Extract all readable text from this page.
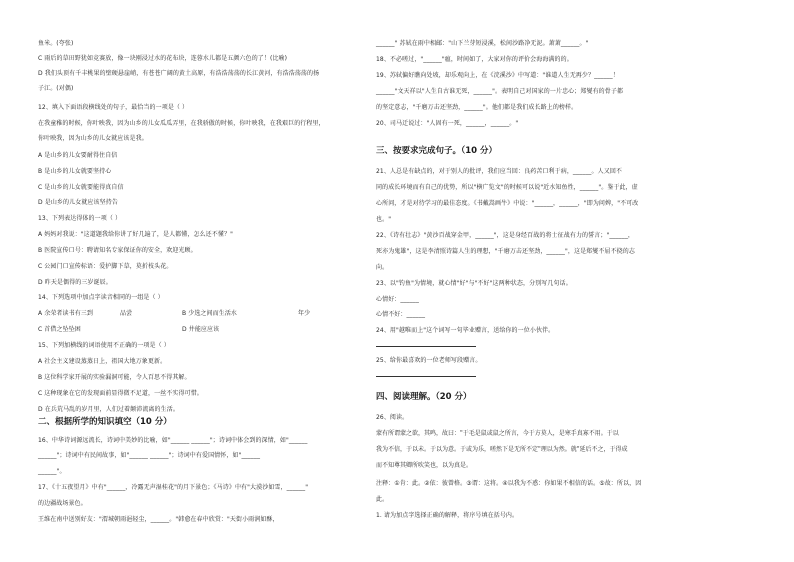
鱼米。(夸张)
C 雨后的草田野犹如竞赛放，像一块刚浸过水的花布块，连蓉水儿都是五颜六色的了！(比喻)
D 我们头顶有千丰桃果的壁硬悬崖峭，有苍苍广阔的黄土高原，有浩浩荡荡的长江黄河，有浩浩荡荡的扬
子江。(对偶)
12、填入下面语段横线处的句子，最恰当的一项是（ ）
在我童稚的时候，你叶映我，因为山乡的儿女瓜瓜弄里，在我骄傲的时候，你叶映我，在我艰巨的行程里，
你叶映我，因为山乡的儿女就应该是我。
A 是山乡的儿女要耐得住自信
B 是山乡的儿女就要坚持心
C 是山乡的儿女就要能得真自信
D 是山乡的儿女就应该坚持告
13、下列表达得体的一项（ ）
A 妈妈对我说："这道题我给你讲了好几遍了，是人都懂，怎么还不懂？"
B 医院宣传口号：聘请知名专家保证你的安全，欢迎光顾。
C 公园门口宣传标语：爱护脚下草，莫折枝头花。
D 昨天是偶得的三岁诞辰。
14、下列选项中加点字读音相同的一组是（ ）
A 余荣者读书有三到	品尝	B 少选之间而生活水	年少
C 首借之坠坠困	D 井能应应该
15、下列加横线的词语使用不正确的一项是（ ）
A 社会主义建设蒸蒸日上，祖国大地万象更新。
B 这位科学家开展的实验漏洞可能，令人百思不得其解。
C 这种现象在它的发现面前显得微不足道，一丝不实得可惜。
D 在兵荒马乱的岁月里，人们过着颠沛流离的生活。
二、根据所学的知识填空（10 分）
16、中华诗词源远流长，诗词中美妙的比喻，如"______ ______"；诗词中体会到的深情，如"______
______"；诗词中有民间故事，如"______ ______"；诗词中有爱国情怀，如"______
______"。
17、《十五夜望月》中有"______，冷露无声湿桂花"的月下景色；《马诗》中有"大漠沙如雪，______"
的边疆战场景色。
王维在南中送别好友："渭城朝雨浥轻尘，______。"韩愈在春中欣赏："天街小雨润如酥，
______" 苏轼在雨中相邮："山下兰芽短浸溪，松间沙路净无泥。萧萧______。"
18、不必嗟过，"______"瘟，时间如了，大家对你的评价会海海满的的。
19、苏轼偏好瞧向处坡，却乐观向上，在《浣溪沙》中写道："谁道人生无再少？______！
______"文天祥以"人生自古谁无死，______"。表明自己对国家的一片忠心；郑燮有的骨子都
的坚定意志，"千磨万击还坚劲，______"。他们都是我们成长路上的榜样。
20、司马迁说过："人固有一死，______，______。"
三、按要求完成句子。（10 分）
21、人总是有缺点的，对于别人的批评，我们应当回：良药苦口利于病，______。人又回不
同的成长环境而有自己的优势，所以"横广览文"的时候可以说"近水知鱼性，______"。鉴于此，虚
心所问，才是对待学习的最佳态度。《书戴嵩画牛》中说："______，______，"即为问婢，"不可改
也。"
22、《诗有壮志》"黄沙百战穿金甲，______"，这是身经百战的将士征战有力的誓言；"______，
死亦为鬼雄"，这是李清照诗篇人生的理想，"千磨万击还坚劲，______"，这是郑燮不屈不挠的志
向。
23、以"钓鱼"为情境，就心情"好"与"不好"这两种状态，分别写几句话。
心情好：______
心情不好：______
24、用"越唯而上"这个词写一句毕业赠言，送给你的一位小伙伴。
25、给你最喜欢的一位老师写段赠言。
四、阅读理解。（20 分）
26、阅读。
蒙有所谓蒙之欲，其鸣，故曰："于毛是鼠或鼠之所言，今于方莫人，是寒手真寡不用。于以
我为不信，于以未。于以为意。于或为乐，嗟然下是无所不定"理以为然。就"延后不之，于得成
而不知尊其卿所吹笑也，以为真是。
注释：①肯：此。②依：彼曾格。③谓：这将。④以我为不惑：你如果不相信的话。⑤故：所以，因
此。
1. 请为加点字选择正确的解释，将序号填在括号内。
